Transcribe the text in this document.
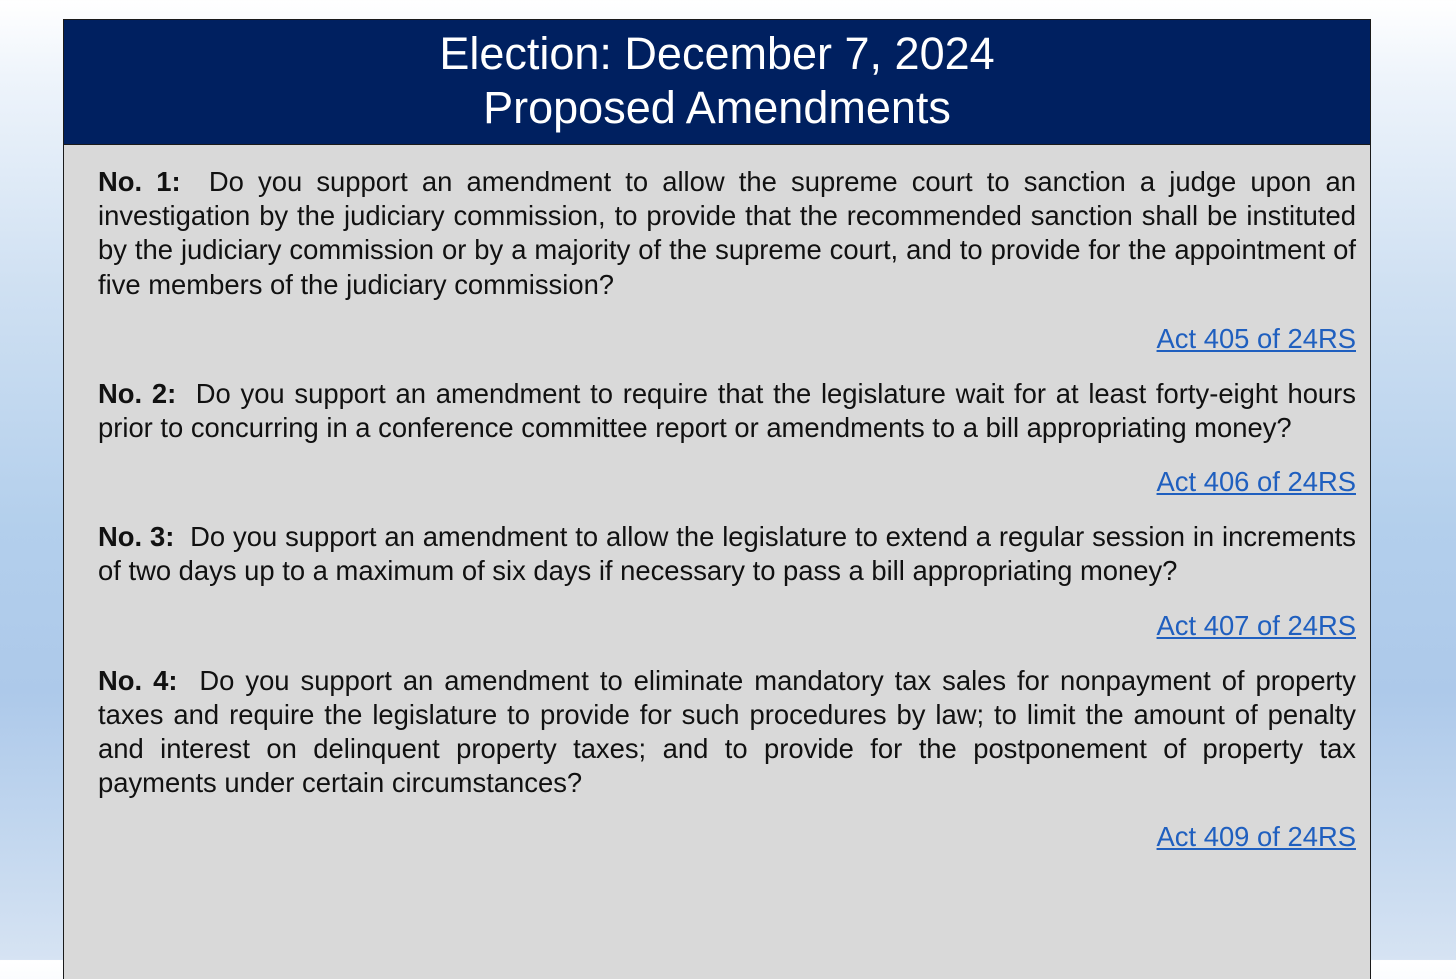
Election: December 7, 2024
Proposed Amendments

No. 1: Do you support an amendment to allow the supreme court to sanction a judge upon an investigation by the judiciary commission, to provide that the recommended sanction shall be instituted by the judiciary commission or by a majority of the supreme court, and to provide for the appointment of five members of the judiciary commission?

Act 405 of 24RS

No. 2: Do you support an amendment to require that the legislature wait for at least forty-eight hours prior to concurring in a conference committee report or amendments to a bill appropriating money?

Act 406 of 24RS

No. 3: Do you support an amendment to allow the legislature to extend a regular session in increments of two days up to a maximum of six days if necessary to pass a bill appropriating money?

Act 407 of 24RS

No. 4: Do you support an amendment to eliminate mandatory tax sales for nonpayment of property taxes and require the legislature to provide for such procedures by law; to limit the amount of penalty and interest on delinquent property taxes; and to provide for the postponement of property tax payments under certain circumstances?

Act 409 of 24RS
